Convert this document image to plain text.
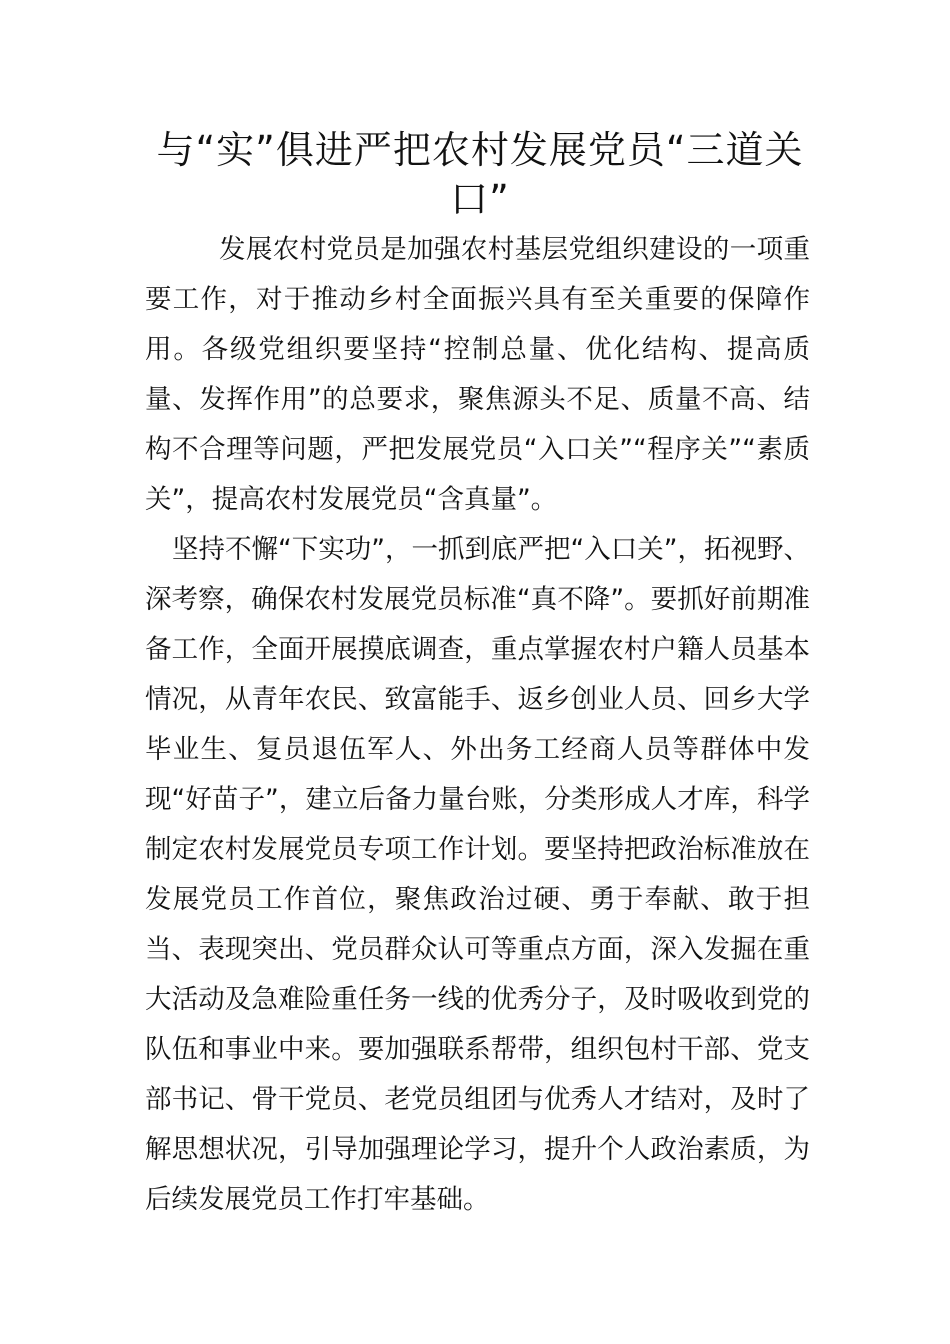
与“实”俱进严把农村发展党员“三道关口”

发展农村党员是加强农村基层党组织建设的一项重要工作，对于推动乡村全面振兴具有至关重要的保障作用。各级党组织要坚持“控制总量、优化结构、提高质量、发挥作用”的总要求，聚焦源头不足、质量不高、结构不合理等问题，严把发展党员“入口关”“程序关”“素质关”，提高农村发展党员“含真量”。

坚持不懈“下实功”，一抓到底严把“入口关”，拓视野、深考察，确保农村发展党员标准“真不降”。要抓好前期准备工作，全面开展摸底调查，重点掌握农村户籍人员基本情况，从青年农民、致富能手、返乡创业人员、回乡大学毕业生、复员退伍军人、外出务工经商人员等群体中发现“好苗子”，建立后备力量台账，分类形成人才库，科学制定农村发展党员专项工作计划。要坚持把政治标准放在发展党员工作首位，聚焦政治过硬、勇于奉献、敢于担当、表现突出、党员群众认可等重点方面，深入发掘在重大活动及急难险重任务一线的优秀分子，及时吸收到党的队伍和事业中来。要加强联系帮带，组织包村干部、党支部书记、骨干党员、老党员组团与优秀人才结对，及时了解思想状况，引导加强理论学习，提升个人政治素质，为后续发展党员工作打牢基础。
